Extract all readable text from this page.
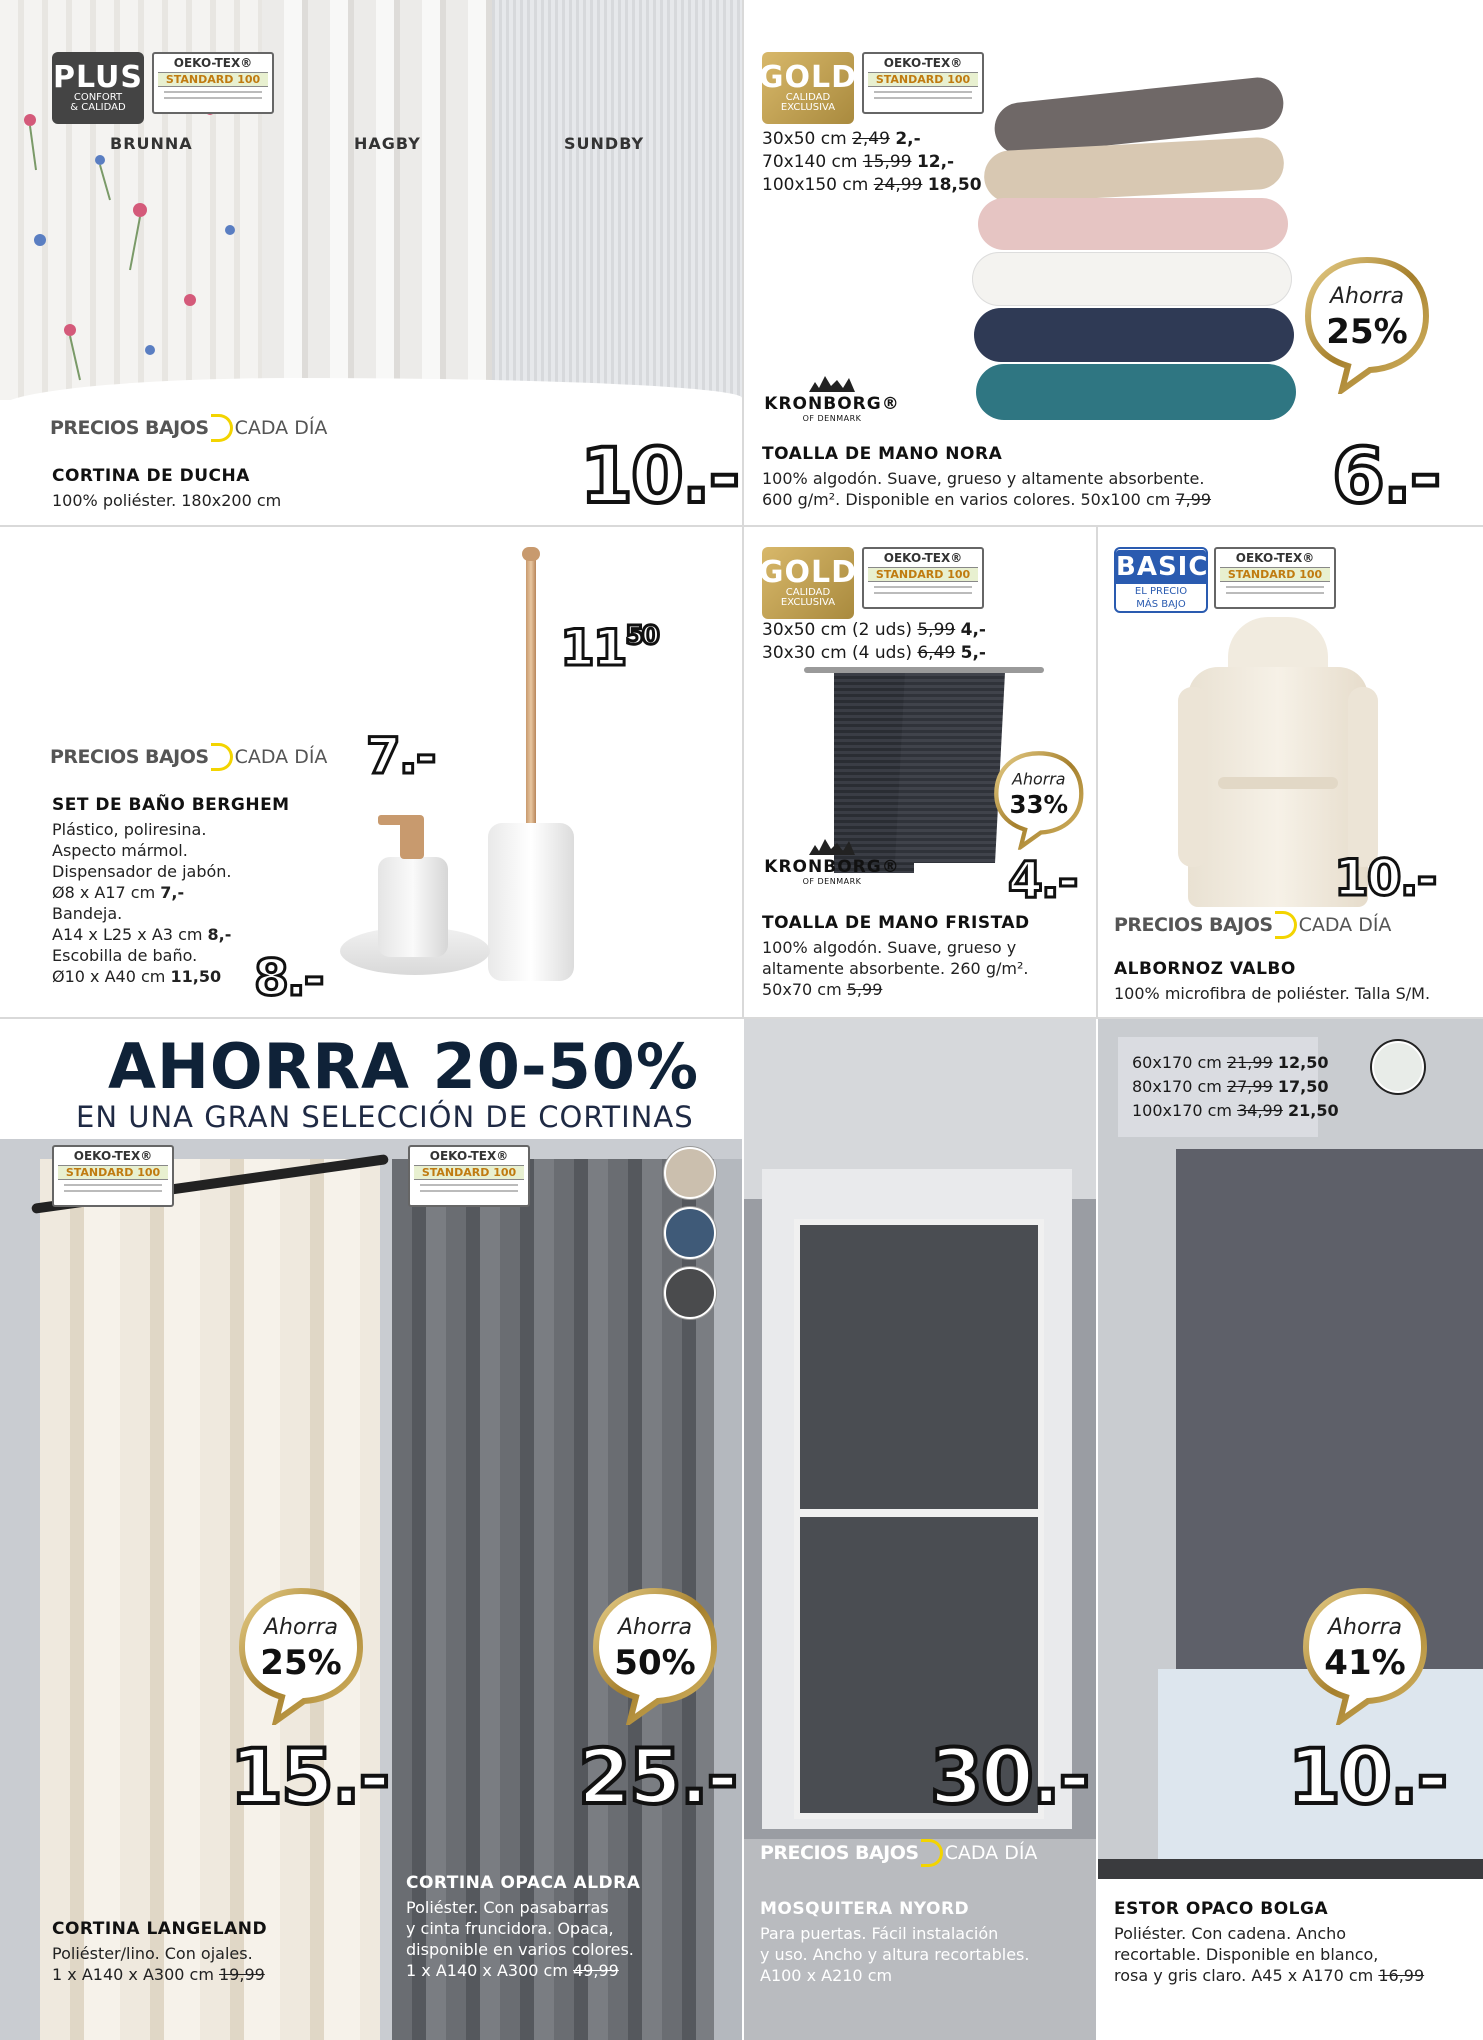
PLUS
CONFORT
& CALIDAD
OEKO-TEX®
STANDARD 100
BRUNNA	HAGBY	SUNDBY
PRECIOS BAJOS CADA DÍA
CORTINA DE DUCHA
100% poliéster. 180x200 cm	10.-
GOLD
CALIDAD
EXCLUSIVA
OEKO-TEX®
STANDARD 100
30x50 cm 2,49 2,-
70x140 cm 15,99 12,-
100x150 cm 24,99 18,50
Ahorra
25%
KRONBORG®
OF DENMARK
TOALLA DE MANO NORA
100% algodón. Suave, grueso y altamente absorbente.
600 g/m². Disponible en varios colores. 50x100 cm 7,99 6.-
$11^{50}$
7.-
PRECIOS BAJOS CADA DÍA
SET DE BAÑO BERGHEM
Plástico, poliresina.
Aspecto mármol.
Dispensador de jabón.
Ø8 x A17 cm 7,-
Bandeja.
A14 x L25 x A3 cm 8,-
Escobilla de baño.
Ø10 x A40 cm 11,50 8.-
GOLD
CALIDAD
EXCLUSIVA
OEKO-TEX®
STANDARD 100
30x50 cm (2 uds) 5,99 4,-
30x30 cm (4 uds) 6,49 5,-
Ahorra
33%
KRONBORG®
OF DENMARK	4.-
TOALLA DE MANO FRISTAD
100% algodón. Suave, grueso y
altamente absorbente. 260 g/m².
50x70 cm 5,99
BASIC
EL PRECIO
MÁS BAJO
OEKO-TEX®
STANDARD 100
10.-
PRECIOS BAJOS CADA DÍA
ALBORNOZ VALBO
100% microfibra de poliéster. Talla S/M.
AHORRA 20-50%
EN UNA GRAN SELECCIÓN DE CORTINAS
OEKO-TEX®
STANDARD 100
Ahorra
25%
15.-
CORTINA LANGELAND
Poliéster/lino. Con ojales.
1 x A140 x A300 cm 19,99
OEKO-TEX®
STANDARD 100
Ahorra
50%
25.-
CORTINA OPACA ALDRA
Poliéster. Con pasabarras
y cinta fruncidora. Opaca,
disponible en varios colores.
1 x A140 x A300 cm 49,99
30.-
PRECIOS BAJOS CADA DÍA
MOSQUITERA NYORD
Para puertas. Fácil instalación
y uso. Ancho y altura recortables.
A100 x A210 cm
60x170 cm 21,99 12,50
80x170 cm 27,99 17,50
100x170 cm 34,99 21,50
Ahorra
41%
10.-
ESTOR OPACO BOLGA
Poliéster. Con cadena. Ancho
recortable. Disponible en blanco,
rosa y gris claro. A45 x A170 cm 16,99
